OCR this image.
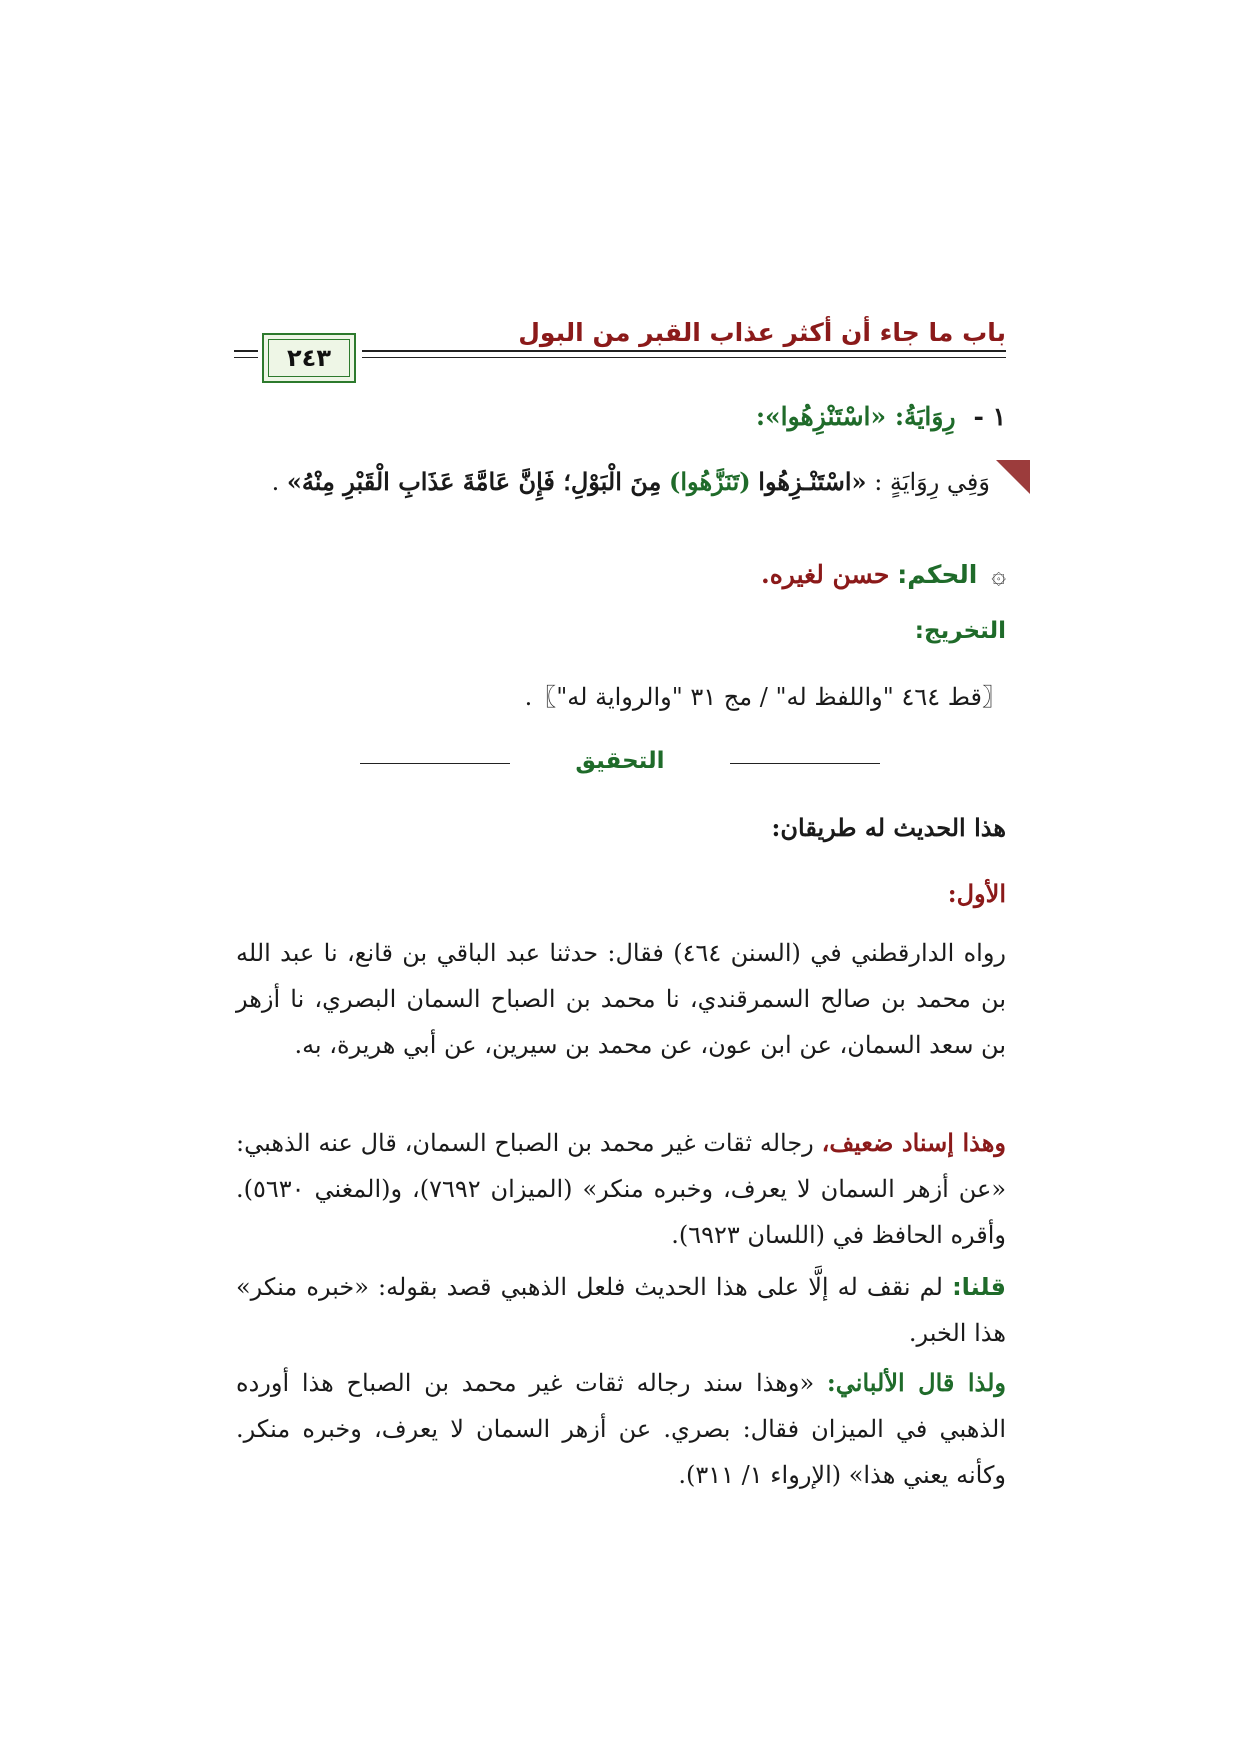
باب ما جاء أن أكثر عذاب القبر من البول
٢٤٣
١ - رِوَايَةُ: «اسْتَنْزِهُوا»:
وَفِي رِوَايَةٍ : «اسْتَنْـزِهُوا (تَنَزَّهُوا) مِنَ الْبَوْلِ؛ فَإِنَّ عَامَّةَ عَذَابِ الْقَبْرِ مِنْهُ» .
۞ الحكم: حسن لغيره.
التخريج:
〖قط ٤٦٤ "واللفظ له" / مج ٣١ "والرواية له"〗.
التحقيق
هذا الحديث له طريقان:
الأول:
رواه الدارقطني في (السنن ٤٦٤) فقال: حدثنا عبد الباقي بن قانع، نا عبد الله بن محمد بن صالح السمرقندي، نا محمد بن الصباح السمان البصري، نا أزهر بن سعد السمان، عن ابن عون، عن محمد بن سيرين، عن أبي هريرة، به.
وهذا إسناد ضعيف، رجاله ثقات غير محمد بن الصباح السمان، قال عنه الذهبي: «عن أزهر السمان لا يعرف، وخبره منكر» (الميزان ٧٦٩٢)، و(المغني ٥٦٣٠). وأقره الحافظ في (اللسان ٦٩٢٣).
قلنا: لم نقف له إلَّا على هذا الحديث فلعل الذهبي قصد بقوله: «خبره منكر» هذا الخبر.
ولذا قال الألباني: «وهذا سند رجاله ثقات غير محمد بن الصباح هذا أورده الذهبي في الميزان فقال: بصري. عن أزهر السمان لا يعرف، وخبره منكر. وكأنه يعني هذا» (الإرواء ١/ ٣١١).
